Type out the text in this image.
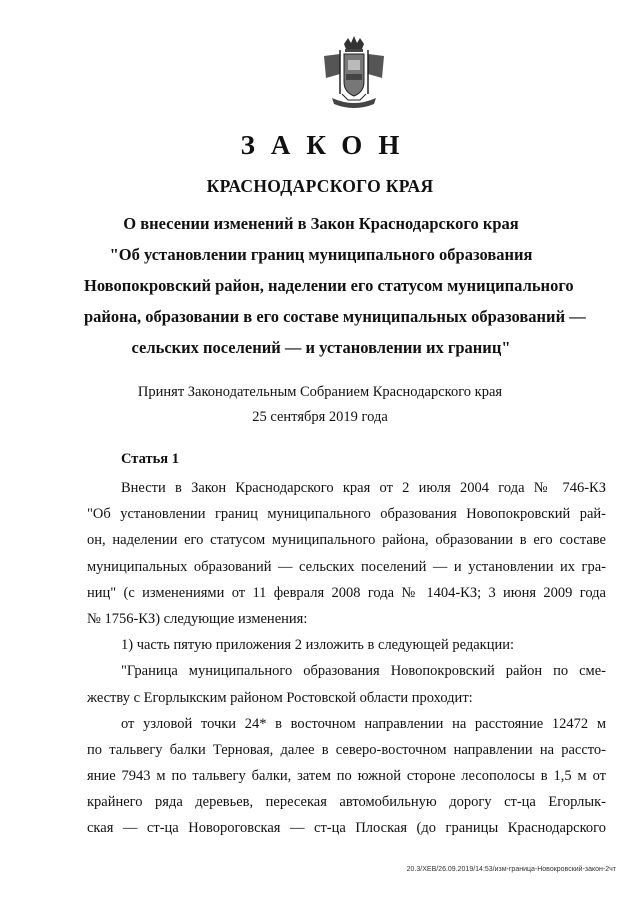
ЗАКОН
КРАСНОДАРСКОГО КРАЯ
О внесении изменений в Закон Краснодарского края
"Об установлении границ муниципального образования
Новопокровский район, наделении его статусом муниципального
района, образовании в его составе муниципальных образований —
сельских поселений — и установлении их границ"
Принят Законодательным Собранием Краснодарского края
25 сентября 2019 года
Статья 1
Внести в Закон Краснодарского края от 2 июля 2004 года № 746-КЗ
"Об установлении границ муниципального образования Новопокровский рай-
он, наделении его статусом муниципального района, образовании в его составе
муниципальных образований — сельских поселений — и установлении их гра-
ниц" (с изменениями от 11 февраля 2008 года № 1404-КЗ; 3 июня 2009 года
№ 1756-КЗ) следующие изменения:
1) часть пятую приложения 2 изложить в следующей редакции:
"Граница муниципального образования Новопокровский район по сме-
жеству с Егорлыкским районом Ростовской области проходит:
от узловой точки 24* в восточном направлении на расстояние 12472 м
по тальвегу балки Терновая, далее в северо-восточном направлении на рассто-
яние 7943 м по тальвегу балки, затем по южной стороне лесополосы в 1,5 м от
крайнего ряда деревьев, пересекая автомобильную дорогу ст-ца Егорлык-
ская — ст-ца Новороговская — ст-ца Плоская (до границы Краснодарского
20.3/ХЕВ/26.09.2019/14:53/изм-граница-Новокровский-закон-2чт
